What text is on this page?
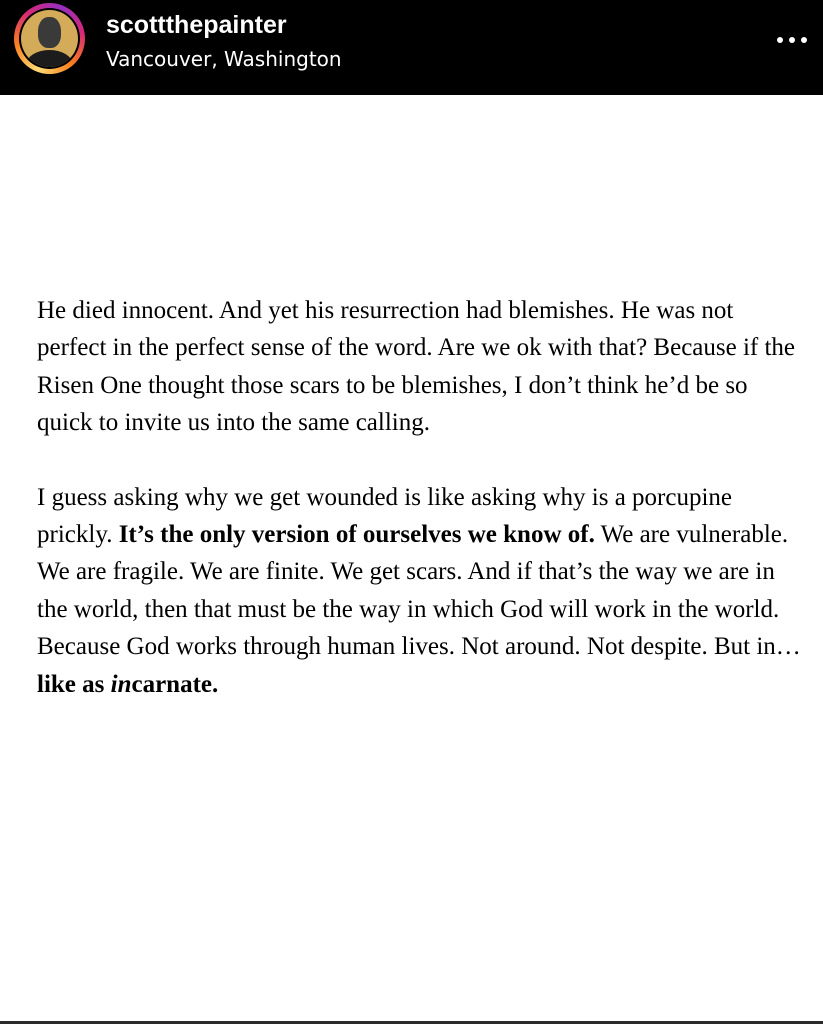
scottthepainter
Vancouver, Washington

He died innocent. And yet his resurrection had blemishes. He was not perfect in the perfect sense of the word. Are we ok with that? Because if the Risen One thought those scars to be blemishes, I don’t think he’d be so quick to invite us into the same calling.

I guess asking why we get wounded is like asking why is a porcupine prickly. It’s the only version of ourselves we know of. We are vulnerable. We are fragile. We are finite. We get scars. And if that’s the way we are in the world, then that must be the way in which God will work in the world. Because God works through human lives. Not around. Not despite. But in… like as incarnate.
